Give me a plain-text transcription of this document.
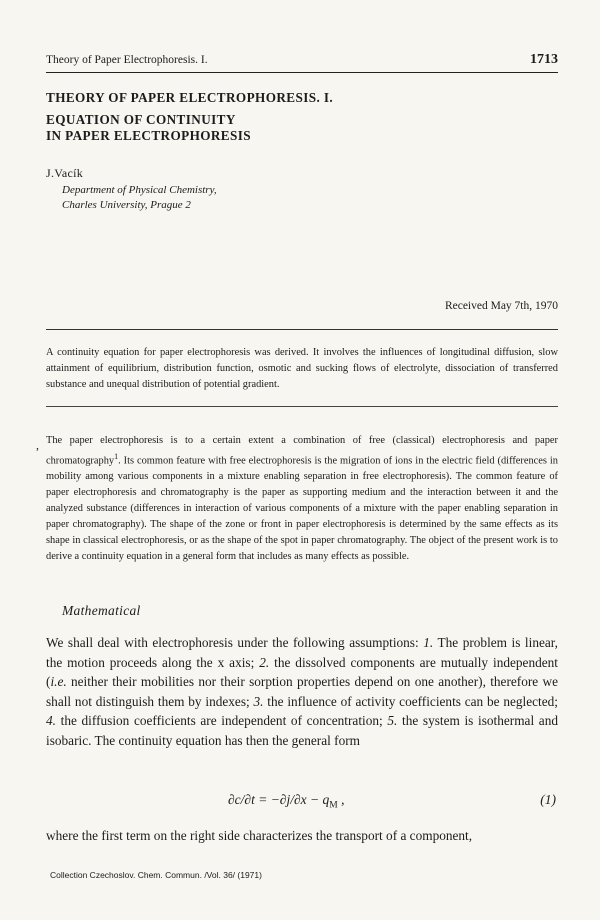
Theory of Paper Electrophoresis. I.	1713
THEORY OF PAPER ELECTROPHORESIS. I.
EQUATION OF CONTINUITY
IN PAPER ELECTROPHORESIS
J.Vacík
Department of Physical Chemistry,
Charles University, Prague 2
Received May 7th, 1970
A continuity equation for paper electrophoresis was derived. It involves the influences of longitudinal diffusion, slow attainment of equilibrium, distribution function, osmotic and sucking flows of electrolyte, dissociation of transferred substance and unequal distribution of potential gradient.
, The paper electrophoresis is to a certain extent a combination of free (classical) electrophoresis and paper chromatography$^1$. Its common feature with free electrophoresis is the migration of ions in the electric field (differences in mobility among various components in a mixture enabling separation in free electrophoresis). The common feature of paper electrophoresis and chromatography is the paper as supporting medium and the interaction between it and the analyzed substance (differences in interaction of various components of a mixture with the paper enabling separation in paper chromatography). The shape of the zone or front in paper electrophoresis is determined by the same effects as its shape in classical electrophoresis, or as the shape of the spot in paper chromatography. The object of the present work is to derive a continuity equation in a general form that includes as many effects as possible.
Mathematical
We shall deal with electrophoresis under the following assumptions: 1. The problem is linear, the motion proceeds along the x axis; 2. the dissolved components are mutually independent (i.e. neither their mobilities nor their sorption properties depend on one another), therefore we shall not distinguish them by indexes; 3. the influence of activity coefficients can be neglected; 4. the diffusion coefficients are independent of concentration; 5. the system is isothermal and isobaric. The continuity equation has then the general form
$\partial c/\partial t = -\partial j/\partial x - q_M$ ,	(1)
where the first term on the right side characterizes the transport of a component,
Collection Czechoslov. Chem. Commun. /Vol. 36/ (1971)
